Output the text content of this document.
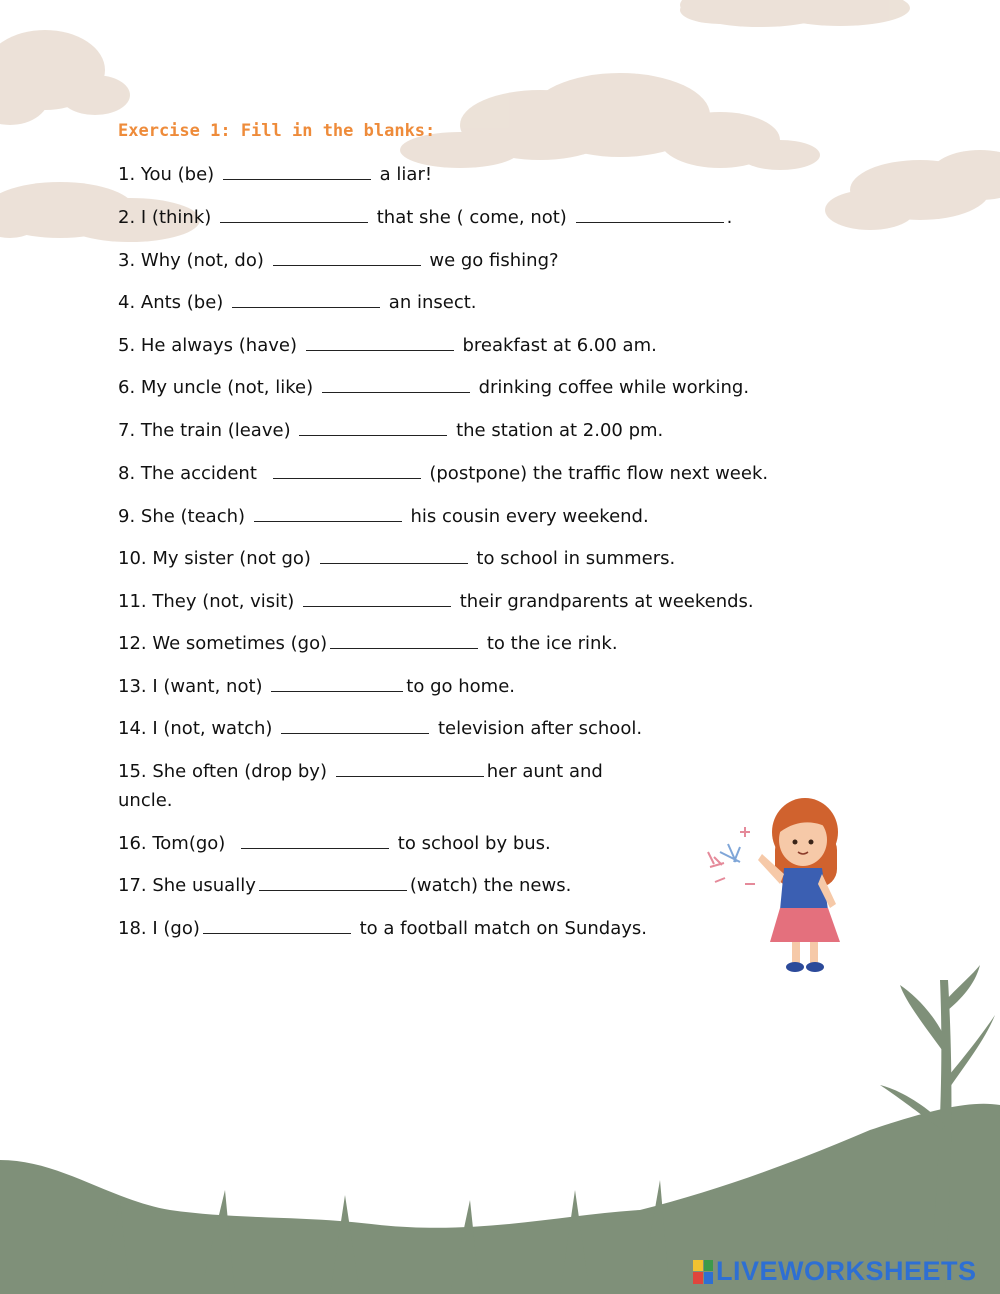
Exercise 1: Fill in the blanks:

1. You (be)	a liar!

2. I (think)	that she ( come, not)	.

3. Why (not, do)	we go fishing?

4. Ants (be)	an insect.

5. He always (have)	breakfast at 6.00 am.

6. My uncle (not, like)	drinking coffee while working.

7. The train (leave)	the station at 2.00 pm.

8. The accident	(postpone) the traffic flow next week.

9. She (teach)	his cousin every weekend.

10. My sister (not go)	to school in summers.

11. They (not, visit)	their grandparents at weekends.

12. We sometimes (go)	to the ice rink.

13. I (want, not)	to go home.

14. I (not, watch)	television after school.

15. She often (drop by)	her aunt and uncle.

16. Tom(go)	to school by bus.

17. She usually	(watch) the news.

18. I (go)	to a football match on Sundays.

LIVEWORKSHEETS
